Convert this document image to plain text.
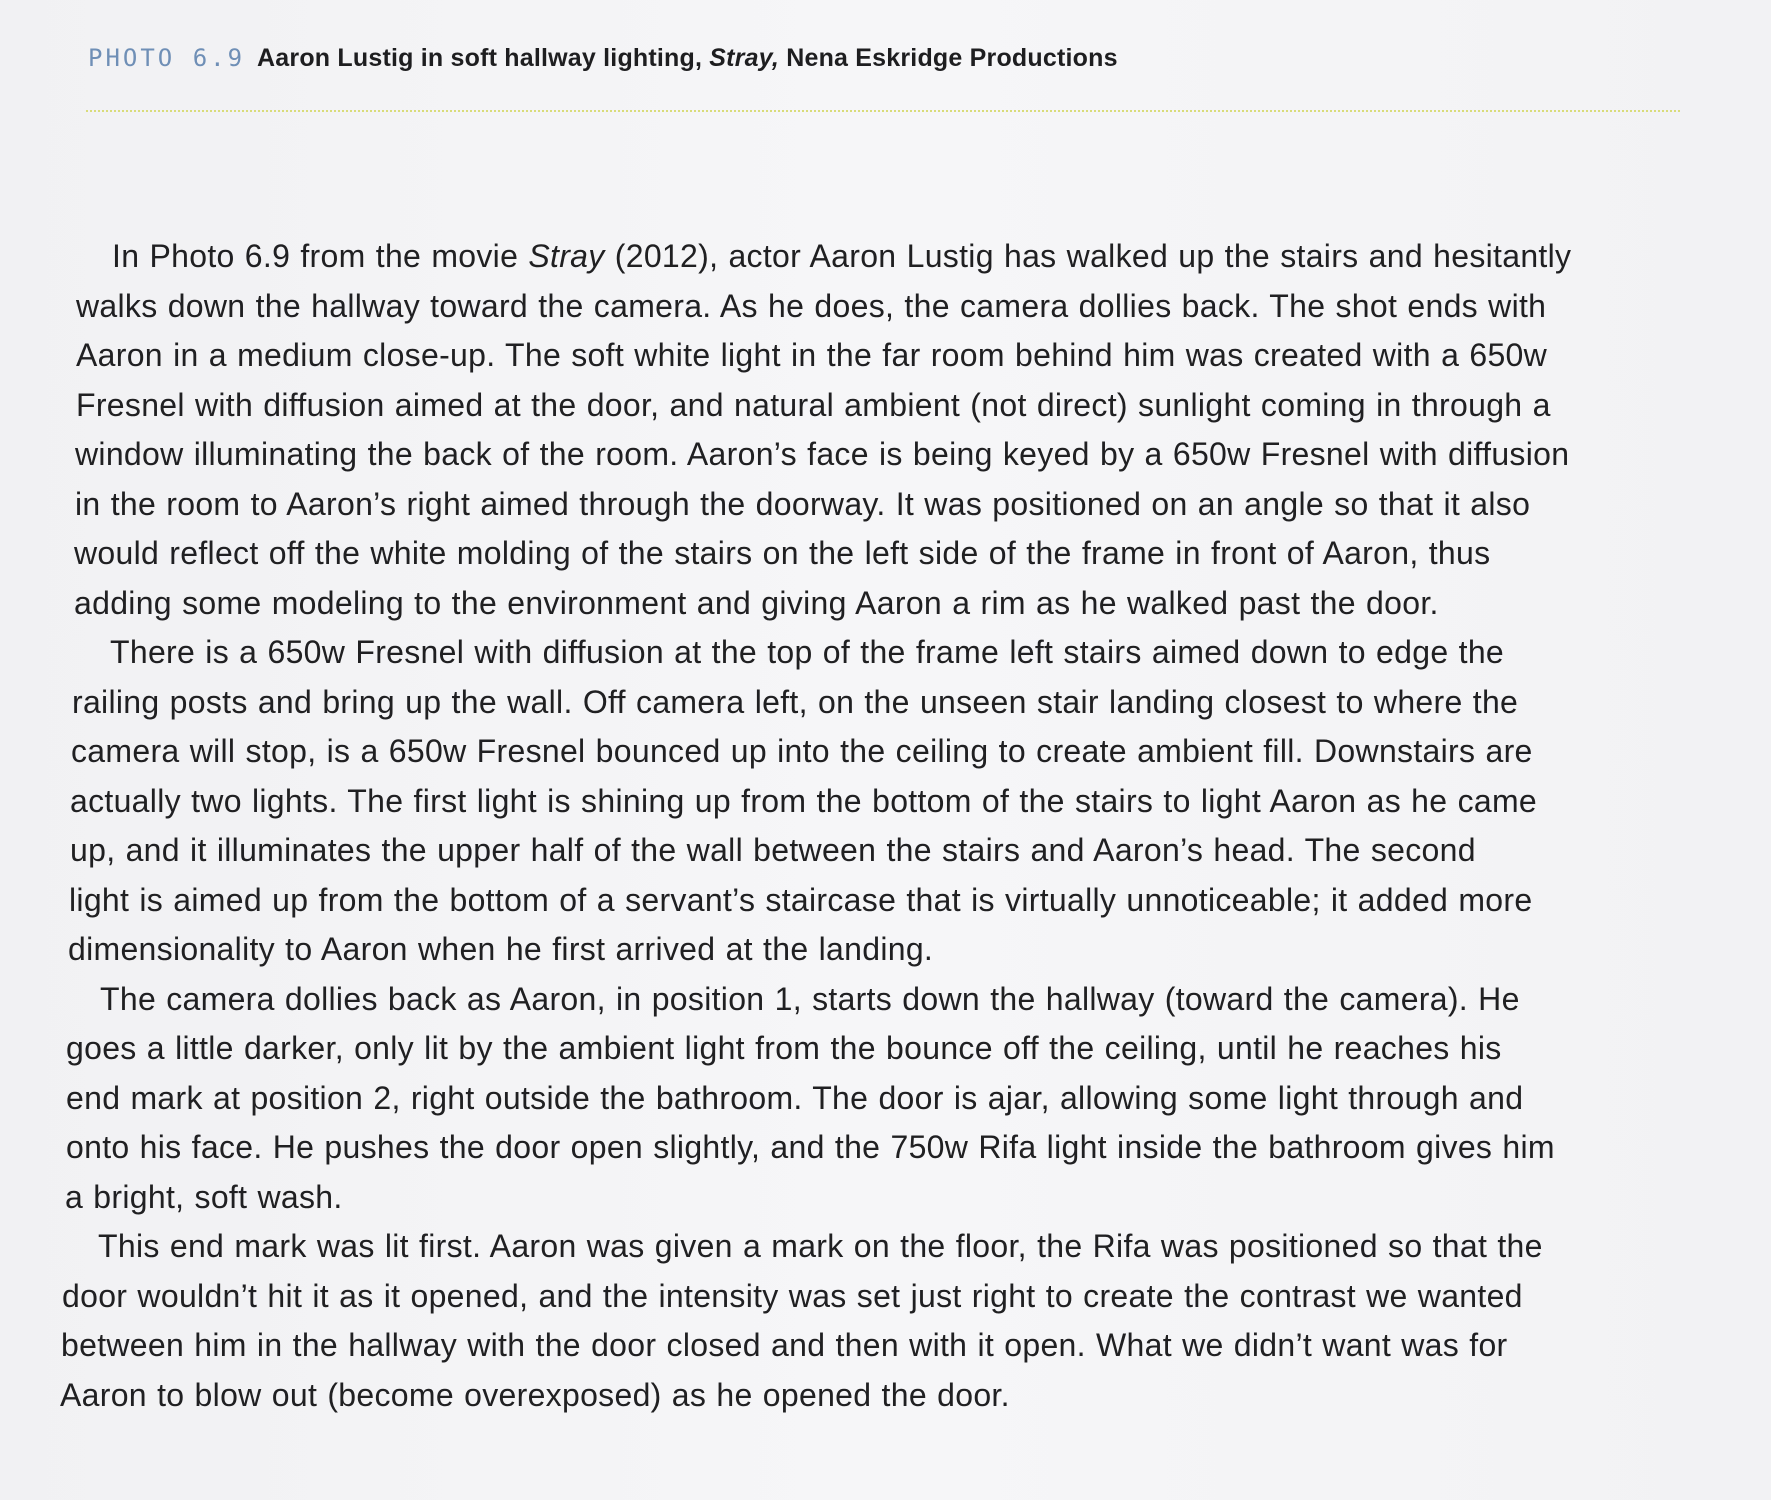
PHOTO 6.9 Aaron Lustig in soft hallway lighting, Stray, Nena Eskridge Productions
In Photo 6.9 from the movie Stray (2012), actor Aaron Lustig has walked up the stairs and hesitantly
walks down the hallway toward the camera. As he does, the camera dollies back. The shot ends with
Aaron in a medium close-up. The soft white light in the far room behind him was created with a 650w
Fresnel with diffusion aimed at the door, and natural ambient (not direct) sunlight coming in through a
window illuminating the back of the room. Aaron’s face is being keyed by a 650w Fresnel with diffusion
in the room to Aaron’s right aimed through the doorway. It was positioned on an angle so that it also
would reflect off the white molding of the stairs on the left side of the frame in front of Aaron, thus
adding some modeling to the environment and giving Aaron a rim as he walked past the door.
There is a 650w Fresnel with diffusion at the top of the frame left stairs aimed down to edge the
railing posts and bring up the wall. Off camera left, on the unseen stair landing closest to where the
camera will stop, is a 650w Fresnel bounced up into the ceiling to create ambient fill. Downstairs are
actually two lights. The first light is shining up from the bottom of the stairs to light Aaron as he came
up, and it illuminates the upper half of the wall between the stairs and Aaron’s head. The second
light is aimed up from the bottom of a servant’s staircase that is virtually unnoticeable; it added more
dimensionality to Aaron when he first arrived at the landing.
The camera dollies back as Aaron, in position 1, starts down the hallway (toward the camera). He
goes a little darker, only lit by the ambient light from the bounce off the ceiling, until he reaches his
end mark at position 2, right outside the bathroom. The door is ajar, allowing some light through and
onto his face. He pushes the door open slightly, and the 750w Rifa light inside the bathroom gives him
a bright, soft wash.
This end mark was lit first. Aaron was given a mark on the floor, the Rifa was positioned so that the
door wouldn’t hit it as it opened, and the intensity was set just right to create the contrast we wanted
between him in the hallway with the door closed and then with it open. What we didn’t want was for
Aaron to blow out (become overexposed) as he opened the door.
